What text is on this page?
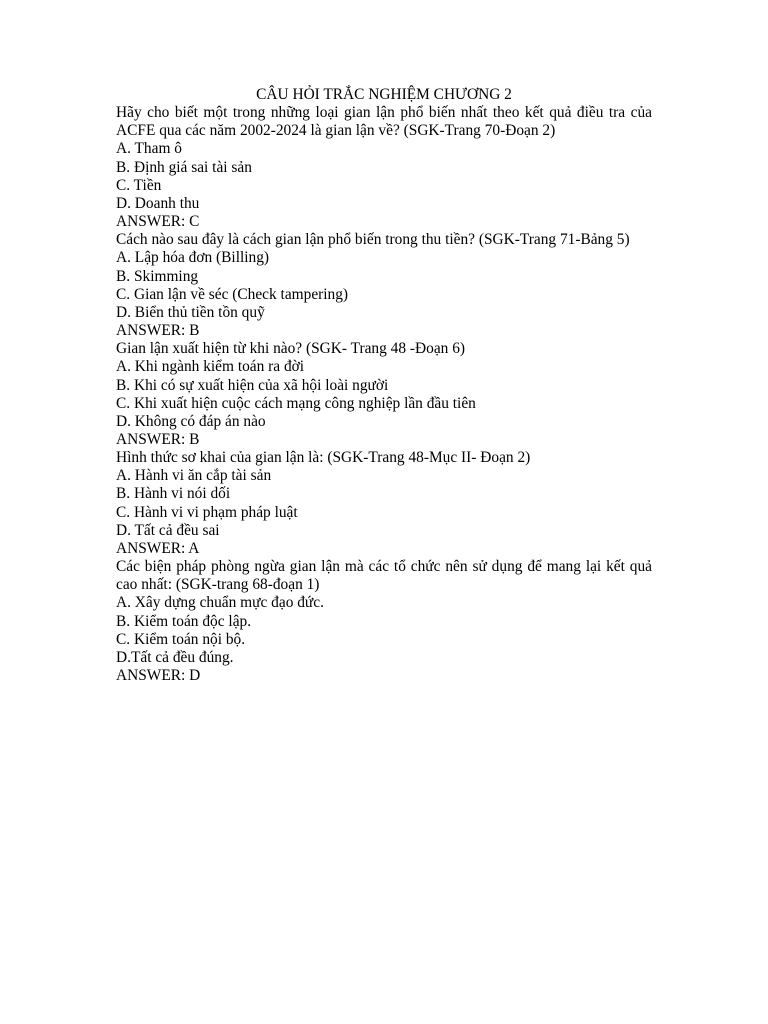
CÂU HỎI TRẮC NGHIỆM CHƯƠNG 2

Hãy cho biết một trong những loại gian lận phổ biến nhất theo kết quả điều tra của ACFE qua các năm 2002-2024 là gian lận về? (SGK-Trang 70-Đoạn 2)

A. Tham ô

B. Định giá sai tài sản

C. Tiền

D. Doanh thu

ANSWER: C

Cách nào sau đây là cách gian lận phổ biến trong thu tiền? (SGK-Trang 71-Bảng 5)

A. Lập hóa đơn (Billing)

B. Skimming

C. Gian lận về séc (Check tampering)

D. Biển thủ tiền tồn quỹ

ANSWER: B

Gian lận xuất hiện từ khi nào? (SGK- Trang 48 -Đoạn 6)

A. Khi ngành kiểm toán ra đời

B. Khi có sự xuất hiện của xã hội loài người

C. Khi xuất hiện cuộc cách mạng công nghiệp lần đầu tiên

D. Không có đáp án nào

ANSWER: B

Hình thức sơ khai của gian lận là: (SGK-Trang 48-Mục II- Đoạn 2)

A. Hành vi ăn cắp tài sản

B. Hành vi nói dối

C. Hành vi vi phạm pháp luật

D. Tất cả đều sai

ANSWER: A

Các biện pháp phòng ngừa gian lận mà các tổ chức nên sử dụng để mang lại kết quả cao nhất: (SGK-trang 68-đoạn 1)

A. Xây dựng chuẩn mực đạo đức.

B. Kiểm toán độc lập.

C. Kiểm toán nội bộ.

D.Tất cả đều đúng.

ANSWER: D
